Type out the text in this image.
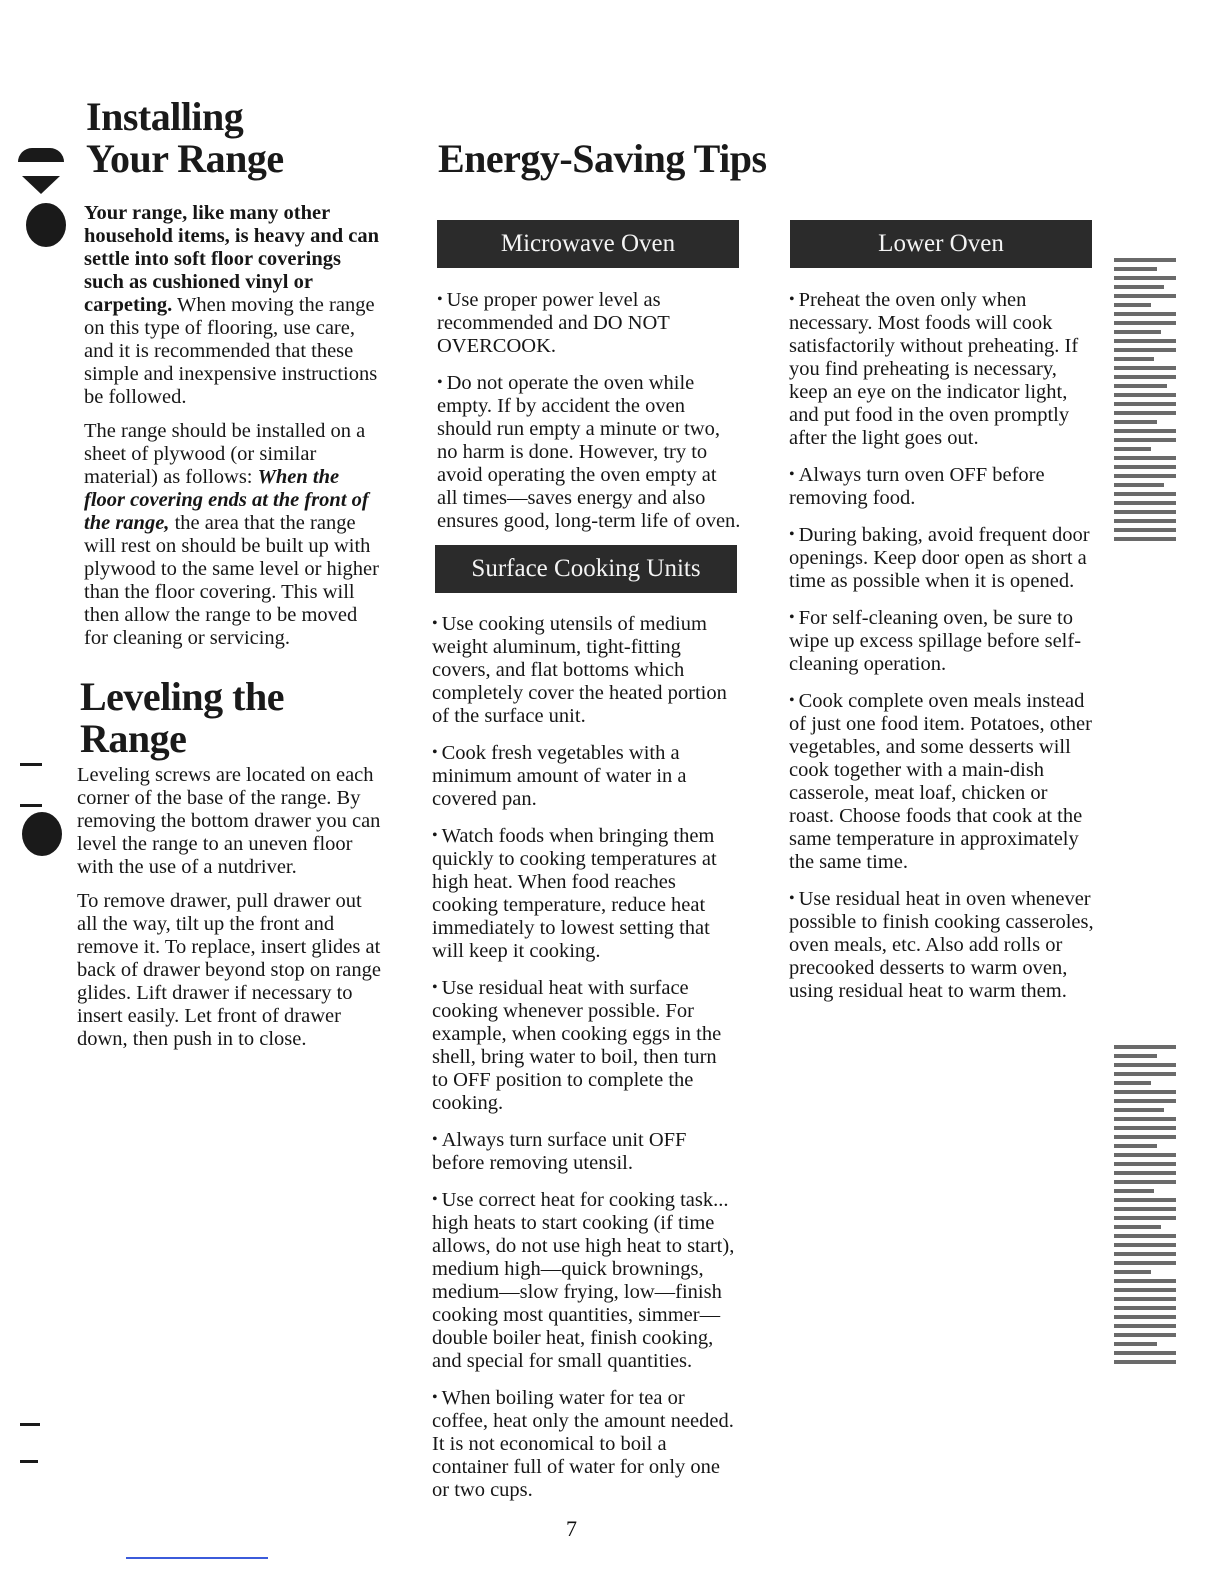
Installing
Your Range

Your range, like many other household items, is heavy and can settle into soft floor coverings such as cushioned vinyl or carpeting. When moving the range on this type of flooring, use care, and it is recommended that these simple and inexpensive instructions be followed.

The range should be installed on a sheet of plywood (or similar material) as follows: When the floor covering ends at the front of the range, the area that the range will rest on should be built up with plywood to the same level or higher than the floor covering. This will then allow the range to be moved for cleaning or servicing.

Leveling the
Range

Leveling screws are located on each corner of the base of the range. By removing the bottom drawer you can level the range to an uneven floor with the use of a nutdriver.

To remove drawer, pull drawer out all the way, tilt up the front and remove it. To replace, insert glides at back of drawer beyond stop on range glides. Lift drawer if necessary to insert easily. Let front of drawer down, then push in to close.

Energy-Saving Tips
Microwave Oven

• Use proper power level as recommended and DO NOT OVERCOOK.

• Do not operate the oven while empty. If by accident the oven should run empty a minute or two, no harm is done. However, try to avoid operating the oven empty at all times—saves energy and also ensures good, long-term life of oven.

Surface Cooking Units

• Use cooking utensils of medium weight aluminum, tight-fitting covers, and flat bottoms which completely cover the heated portion of the surface unit.

• Cook fresh vegetables with a minimum amount of water in a covered pan.

• Watch foods when bringing them quickly to cooking temperatures at high heat. When food reaches cooking temperature, reduce heat immediately to lowest setting that will keep it cooking.

• Use residual heat with surface cooking whenever possible. For example, when cooking eggs in the shell, bring water to boil, then turn to OFF position to complete the cooking.

• Always turn surface unit OFF before removing utensil.

• Use correct heat for cooking task... high heats to start cooking (if time allows, do not use high heat to start), medium high—quick brownings, medium—slow frying, low—finish cooking most quantities, simmer—double boiler heat, finish cooking, and special for small quantities.

• When boiling water for tea or coffee, heat only the amount needed. It is not economical to boil a container full of water for only one or two cups.

Lower Oven

• Preheat the oven only when necessary. Most foods will cook satisfactorily without preheating. If you find preheating is necessary, keep an eye on the indicator light, and put food in the oven promptly after the light goes out.

• Always turn oven OFF before removing food.

• During baking, avoid frequent door openings. Keep door open as short a time as possible when it is opened.

• For self-cleaning oven, be sure to wipe up excess spillage before self-cleaning operation.

• Cook complete oven meals instead of just one food item. Potatoes, other vegetables, and some desserts will cook together with a main-dish casserole, meat loaf, chicken or roast. Choose foods that cook at the same temperature in approximately the same time.

• Use residual heat in oven whenever possible to finish cooking casseroles, oven meals, etc. Also add rolls or precooked desserts to warm oven, using residual heat to warm them.

7
